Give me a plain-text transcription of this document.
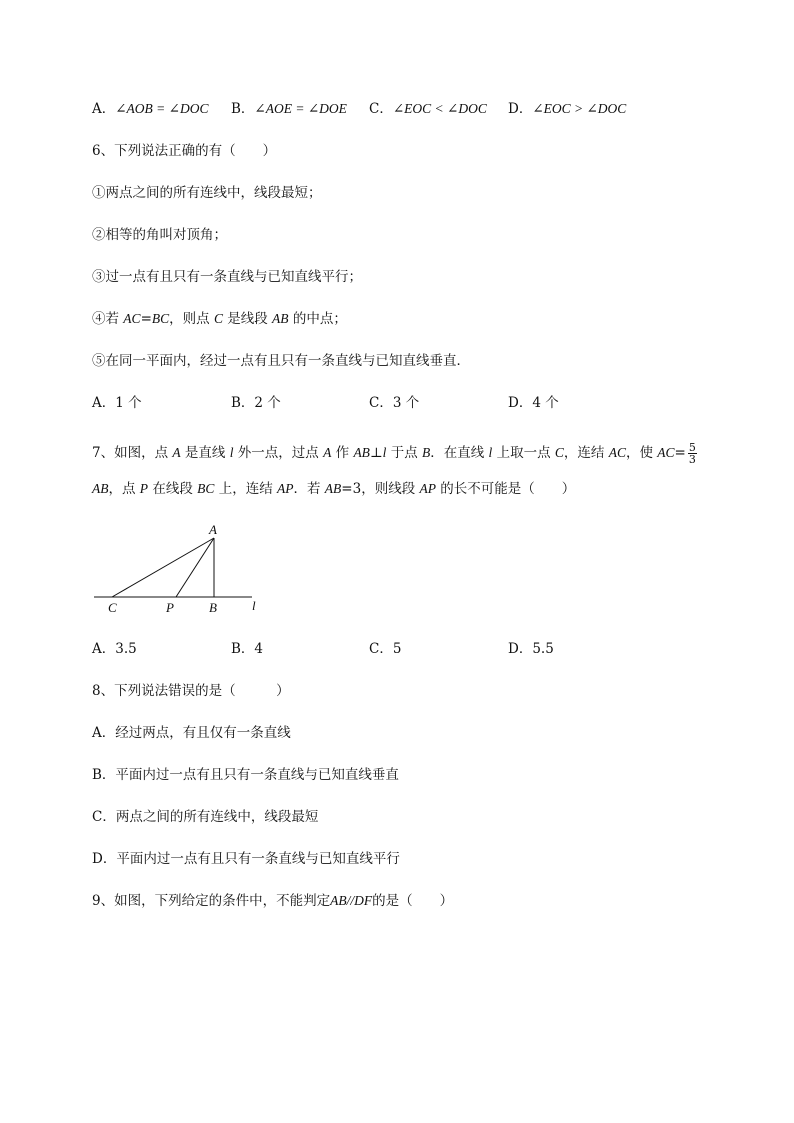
A．∠AOB = ∠DOC B．∠AOE = ∠DOE C．∠EOC < ∠DOC D．∠EOC > ∠DOC
6、下列说法正确的有（　　）
①两点之间的所有连线中，线段最短；
②相等的角叫对顶角；
③过一点有且只有一条直线与已知直线平行；
④若 AC=BC，则点 C 是线段 AB 的中点；
⑤在同一平面内，经过一点有且只有一条直线与已知直线垂直．
A．1 个	B．2 个	C．3 个	D．4 个
7、如图，点 A 是直线 l 外一点，过点 A 作 AB⊥l 于点 B．在直线 l 上取一点 C，连结 AC，使 $AC= \frac{5}{3}$
AB，点 P 在线段 BC 上，连结 AP．若 AB=3，则线段 AP 的长不可能是（　　）
A
C	P	B	l
A．3.5	B．4	C．5	D．5.5
8、下列说法错误的是（　　　）
A．经过两点，有且仅有一条直线
B．平面内过一点有且只有一条直线与已知直线垂直
C．两点之间的所有连线中，线段最短
D．平面内过一点有且只有一条直线与已知直线平行
9、如图，下列给定的条件中，不能判定AB//DF的是（　　）
